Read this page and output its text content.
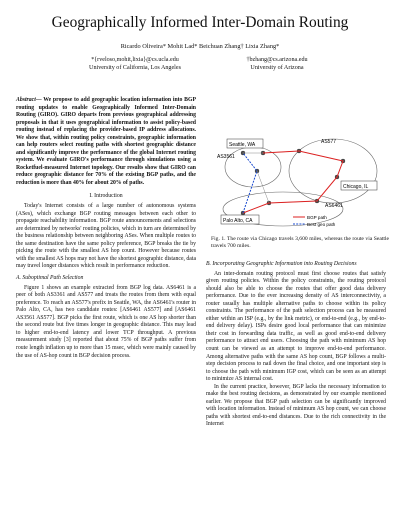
Geographically Informed Inter-Domain Routing
Ricardo Oliveira* Mohit Lad* Beichuan Zhang† Lixia Zhang*
*{rveloso,mohit,lixia}@cs.ucla.edu
University of California, Los Angeles
†bzhang@cs.arizona.edu
University of Arizona
Abstract— We propose to add geographic location information into BGP routing updates to enable Geographically Informed Inter-Domain Routing (GIRO). GIRO departs from previous geographical addressing proposals in that it uses geographical information to assist policy-based routing instead of replacing the provider-based IP address allocations. We show that, within routing policy constraints, geographic information can help routers select routing paths with shortest geographic distance and significantly improve the performance of the global Internet routing system. We evaluate GIRO's performance through simulations using a Rocketfuel-measured Internet topology. Our results show that GIRO can reduce geographic distance for 70% of the existing BGP paths, and the reduction is more than 40% for about 20% of paths.
I. Introduction

Today's Internet consists of a large number of autonomous systems (ASes), which exchange BGP routing messages between each other to propagate reachability information. BGP route announcements and selections are determined by networks' routing policies, which in turn are determined by the business relationship between neighboring ASes. When multiple routes to the same destination have the same policy preference, BGP breaks the tie by picking the route with the smallest AS hop count. However because routes with the smallest AS hops may not have the shortest geographic distance, data may travel longer distances which result in performance reduction.

A. Suboptimal Path Selection

Figure 1 shows an example extracted from BGP log data. AS6461 is a peer of both AS3361 and AS577 and treats the routes from them with equal preference. To reach an AS577's prefix in Seattle, WA, the AS6461's router in Palo Alto, CA, has two candidate routes: [AS6461 AS577] and [AS6461 AS3561 AS577]. BGP picks the first route, which is one AS hop shorter than the second route but five times longer in geographic distance. This may lead to higher end-to-end latency and lower TCP throughput. A previous measurement study [3] reported that about 75% of BGP paths suffer from route length inflation up to more than 15 msec, which were mainly caused by the use of AS-hop count in BGP decision process.

Seattle, WA
Chicago, IL
Palo Alto, CA
AS3561
AS577
AS6461
BGP path
Best geo path
Fig. 1. The route via Chicago travels 3,600 miles, whereas the route via Seattle travels 700 miles.
B. Incorporating Geographic Information into Routing Decisions

An inter-domain routing protocol must first choose routes that satisfy given routing policies. Within the policy constraints, the routing protocol should also be able to choose the routes that offer good data delivery performance. Due to the ever increasing density of AS interconnectivity, a router usually has multiple alternative paths to choose within its policy constraints. The performance of the path selection process can be measured either within an ISP (e.g., by the link metric), or end-to-end (e.g., by end-to-end delivery delay). ISPs desire good local performance that can minimize their cost in forwarding data traffic, as well as good end-to-end delivery performance to attract end users. Choosing the path with minimum AS hop count can be viewed as an attempt to improve end-to-end performance. Among alternative paths with the same AS hop count, BGP follows a multi-step decision process to nail down the final choice, and one important step is to choose the path with minimum IGP cost, which can be seen as an attempt to minimize AS internal cost.

In the current practice, however, BGP lacks the necessary information to make the best routing decisions, as demonstrated by our example mentioned earlier. We propose that BGP path selection can be significantly improved with location information. Instead of minimum AS hop count, we can choose paths with shortest end-to-end distances. Due to the rich connectivity in the Internet
